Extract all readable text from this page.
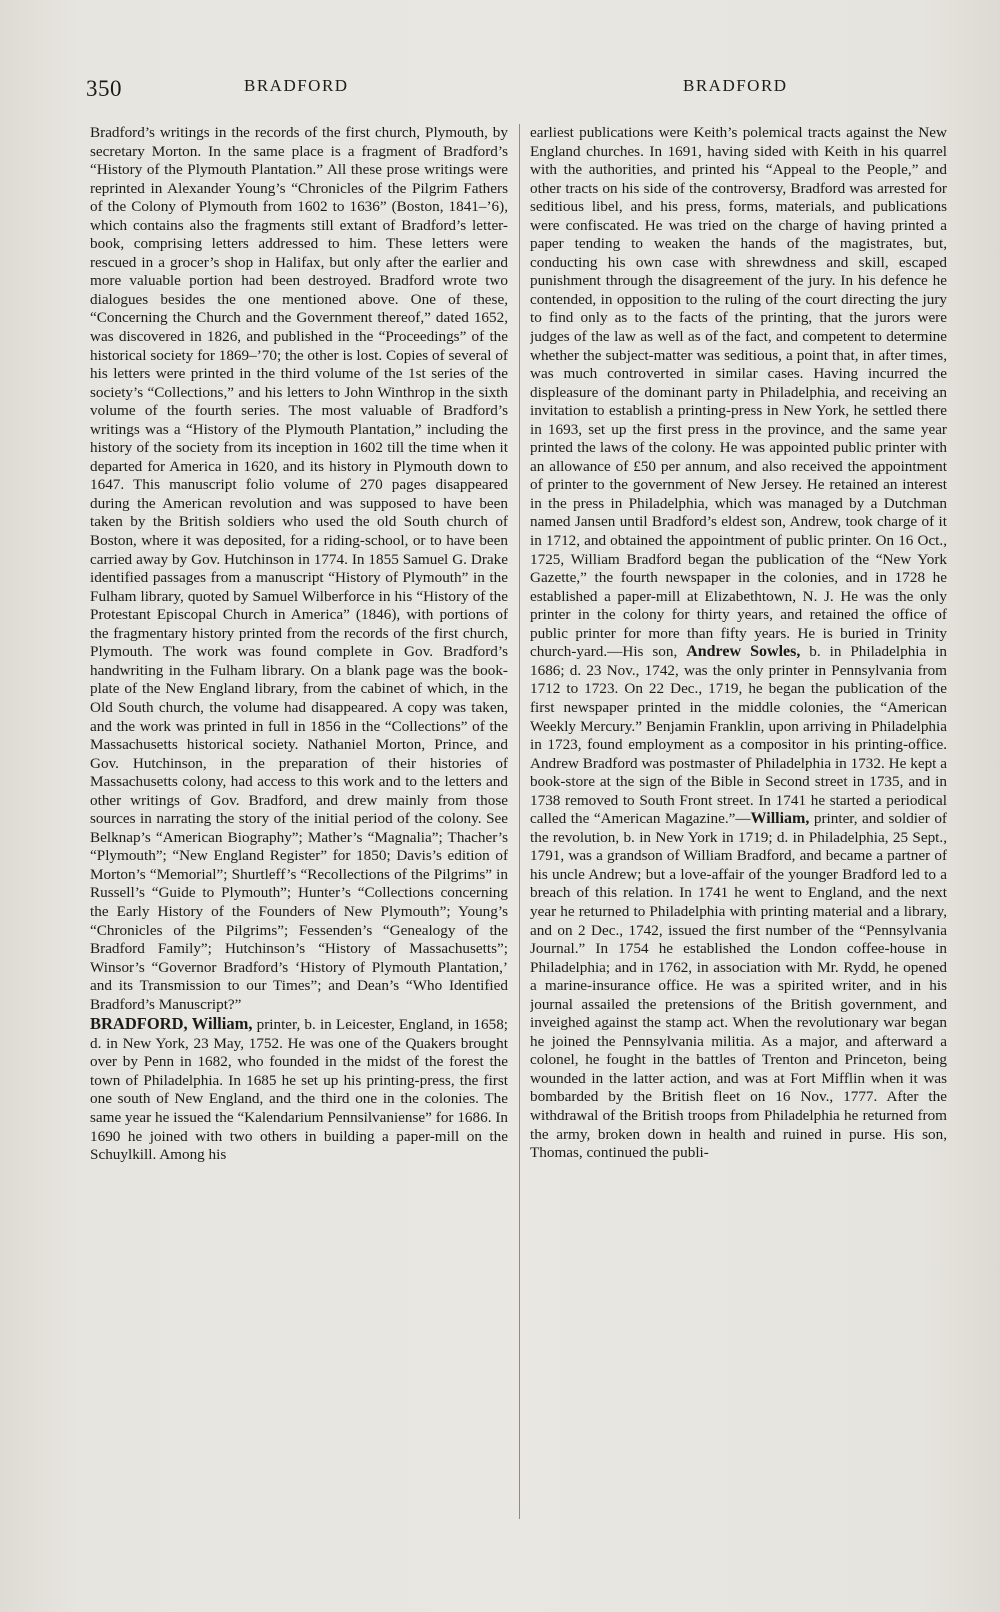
350	BRADFORD	BRADFORD

Bradford’s writings in the records of the first church, Plymouth, by secretary Morton. In the same place is a fragment of Bradford’s “History of the Plymouth Plantation.” All these prose writings were reprinted in Alexander Young’s “Chronicles of the Pilgrim Fathers of the Colony of Plymouth from 1602 to 1636” (Boston, 1841–’6), which contains also the fragments still extant of Bradford’s letter-book, comprising letters addressed to him. These letters were rescued in a grocer’s shop in Halifax, but only after the earlier and more valuable portion had been destroyed. Bradford wrote two dialogues besides the one mentioned above. One of these, “Concerning the Church and the Government thereof,” dated 1652, was discovered in 1826, and published in the “Proceedings” of the historical society for 1869–’70; the other is lost. Copies of several of his letters were printed in the third volume of the 1st series of the society’s “Collections,” and his letters to John Winthrop in the sixth volume of the fourth series. The most valuable of Bradford’s writings was a “History of the Plymouth Plantation,” including the history of the society from its inception in 1602 till the time when it departed for America in 1620, and its history in Plymouth down to 1647. This manuscript folio volume of 270 pages disappeared during the American revolution and was supposed to have been taken by the British soldiers who used the old South church of Boston, where it was deposited, for a riding-school, or to have been carried away by Gov. Hutchinson in 1774. In 1855 Samuel G. Drake identified passages from a manuscript “History of Plymouth” in the Fulham library, quoted by Samuel Wilberforce in his “History of the Protestant Episcopal Church in America” (1846), with portions of the fragmentary history printed from the records of the first church, Plymouth. The work was found complete in Gov. Bradford’s handwriting in the Fulham library. On a blank page was the book-plate of the New England library, from the cabinet of which, in the Old South church, the volume had disappeared. A copy was taken, and the work was printed in full in 1856 in the “Collections” of the Massachusetts historical society. Nathaniel Morton, Prince, and Gov. Hutchinson, in the preparation of their histories of Massachusetts colony, had access to this work and to the letters and other writings of Gov. Bradford, and drew mainly from those sources in narrating the story of the initial period of the colony. See Belknap’s “American Biography”; Mather’s “Magnalia”; Thacher’s “Plymouth”; “New England Register” for 1850; Davis’s edition of Morton’s “Memorial”; Shurtleff’s “Recollections of the Pilgrims” in Russell’s “Guide to Plymouth”; Hunter’s “Collections concerning the Early History of the Founders of New Plymouth”; Young’s “Chronicles of the Pilgrims”; Fessenden’s “Genealogy of the Bradford Family”; Hutchinson’s “History of Massachusetts”; Winsor’s “Governor Bradford’s ‘History of Plymouth Plantation,’ and its Transmission to our Times”; and Dean’s “Who Identified Bradford’s Manuscript?”

BRADFORD, William, printer, b. in Leicester, England, in 1658; d. in New York, 23 May, 1752. He was one of the Quakers brought over by Penn in 1682, who founded in the midst of the forest the town of Philadelphia. In 1685 he set up his printing-press, the first one south of New England, and the third one in the colonies. The same year he issued the “Kalendarium Pennsilvaniense” for 1686. In 1690 he joined with two others in building a paper-mill on the Schuylkill. Among his

earliest publications were Keith’s polemical tracts against the New England churches. In 1691, having sided with Keith in his quarrel with the authorities, and printed his “Appeal to the People,” and other tracts on his side of the controversy, Bradford was arrested for seditious libel, and his press, forms, materials, and publications were confiscated. He was tried on the charge of having printed a paper tending to weaken the hands of the magistrates, but, conducting his own case with shrewdness and skill, escaped punishment through the disagreement of the jury. In his defence he contended, in opposition to the ruling of the court directing the jury to find only as to the facts of the printing, that the jurors were judges of the law as well as of the fact, and competent to determine whether the subject-matter was seditious, a point that, in after times, was much controverted in similar cases. Having incurred the displeasure of the dominant party in Philadelphia, and receiving an invitation to establish a printing-press in New York, he settled there in 1693, set up the first press in the province, and the same year printed the laws of the colony. He was appointed public printer with an allowance of £50 per annum, and also received the appointment of printer to the government of New Jersey. He retained an interest in the press in Philadelphia, which was managed by a Dutchman named Jansen until Bradford’s eldest son, Andrew, took charge of it in 1712, and obtained the appointment of public printer. On 16 Oct., 1725, William Bradford began the publication of the “New York Gazette,” the fourth newspaper in the colonies, and in 1728 he established a paper-mill at Elizabethtown, N. J. He was the only printer in the colony for thirty years, and retained the office of public printer for more than fifty years. He is buried in Trinity church-yard.—His son, Andrew Sowles, b. in Philadelphia in 1686; d. 23 Nov., 1742, was the only printer in Pennsylvania from 1712 to 1723. On 22 Dec., 1719, he began the publication of the first newspaper printed in the middle colonies, the “American Weekly Mercury.” Benjamin Franklin, upon arriving in Philadelphia in 1723, found employment as a compositor in his printing-office. Andrew Bradford was postmaster of Philadelphia in 1732. He kept a book-store at the sign of the Bible in Second street in 1735, and in 1738 removed to South Front street. In 1741 he started a periodical called the “American Magazine.”—William, printer, and soldier of the revolution, b. in New York in 1719; d. in Philadelphia, 25 Sept., 1791, was a grandson of William Bradford, and became a partner of his uncle Andrew; but a love-affair of the younger Bradford led to a breach of this relation. In 1741 he went to England, and the next year he returned to Philadelphia with printing material and a library, and on 2 Dec., 1742, issued the first number of the “Pennsylvania Journal.” In 1754 he established the London coffee-house in Philadelphia; and in 1762, in association with Mr. Rydd, he opened a marine-insurance office. He was a spirited writer, and in his journal assailed the pretensions of the British government, and inveighed against the stamp act. When the revolutionary war began he joined the Pennsylvania militia. As a major, and afterward a colonel, he fought in the battles of Trenton and Princeton, being wounded in the latter action, and was at Fort Mifflin when it was bombarded by the British fleet on 16 Nov., 1777. After the withdrawal of the British troops from Philadelphia he returned from the army, broken down in health and ruined in purse. His son, Thomas, continued the publi-
